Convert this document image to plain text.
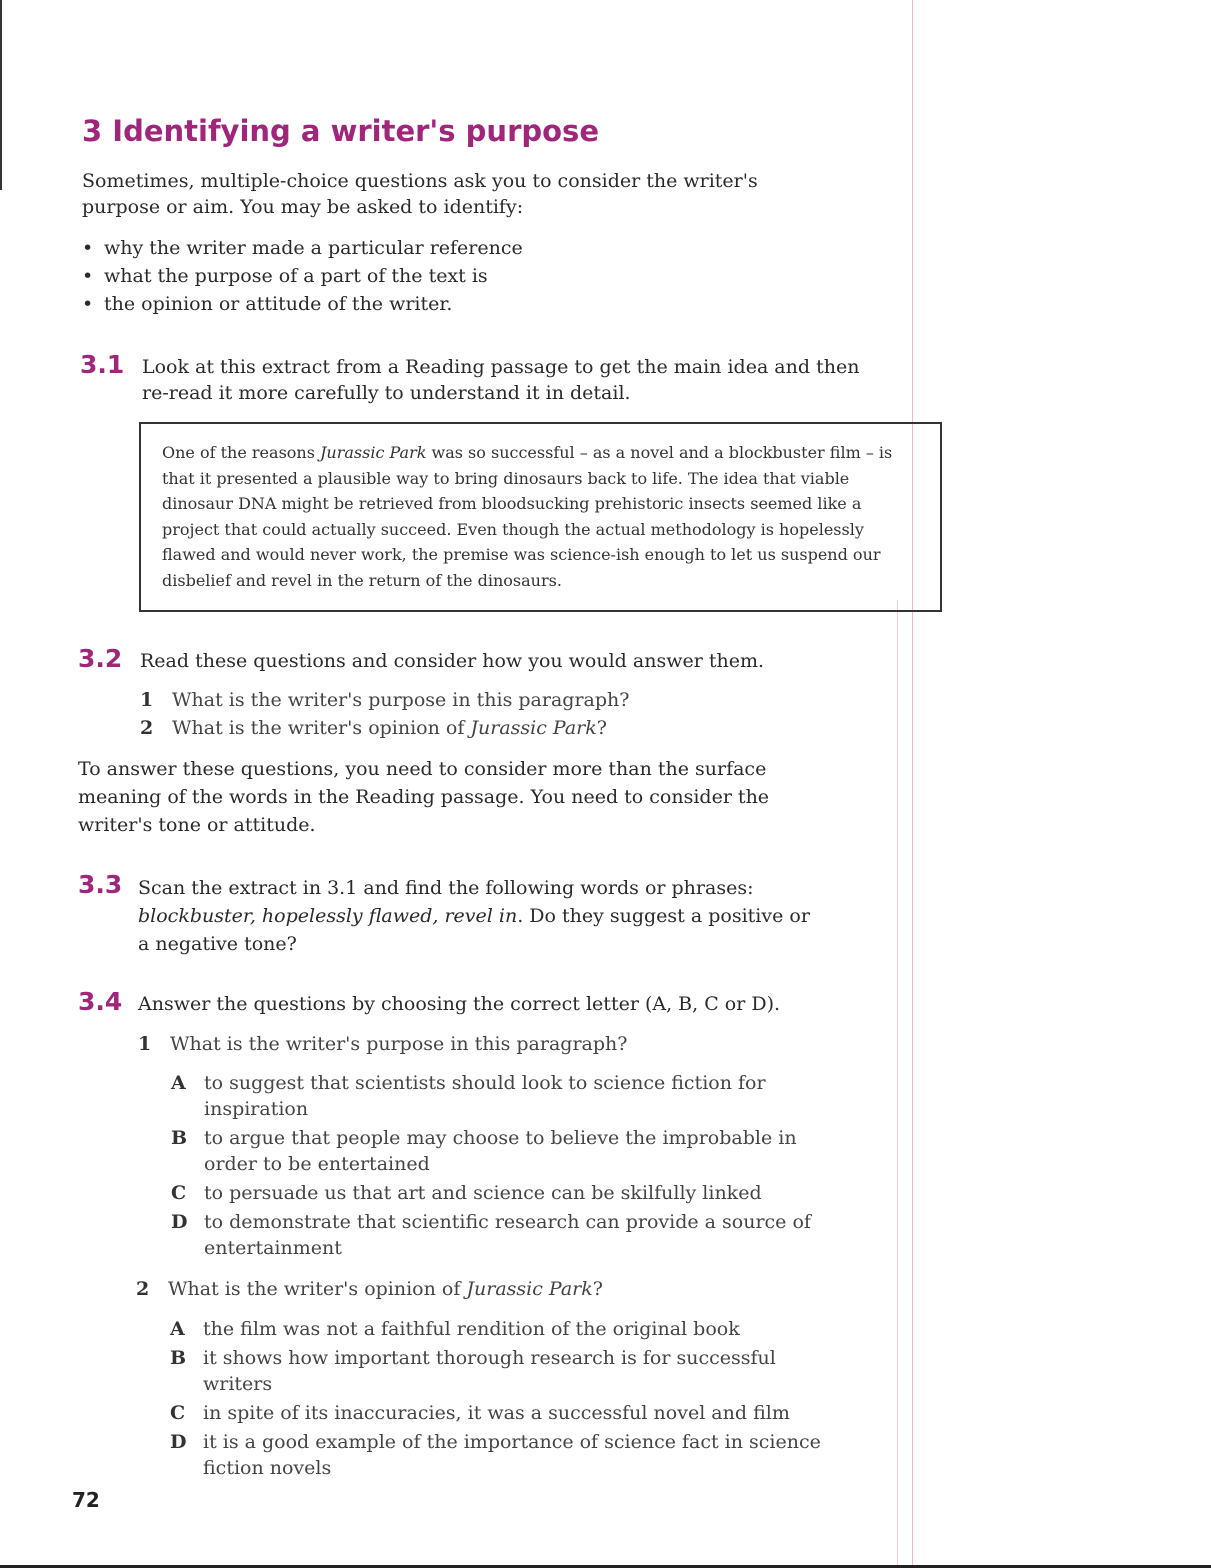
3 Identifying a writer's purpose

Sometimes, multiple-choice questions ask you to consider the writer's purpose or aim. You may be asked to identify:

• why the writer made a particular reference
• what the purpose of a part of the text is
• the opinion or attitude of the writer.

3.1 Look at this extract from a Reading passage to get the main idea and then re-read it more carefully to understand it in detail.

One of the reasons Jurassic Park was so successful – as a novel and a blockbuster film – is that it presented a plausible way to bring dinosaurs back to life. The idea that viable dinosaur DNA might be retrieved from bloodsucking prehistoric insects seemed like a project that could actually succeed. Even though the actual methodology is hopelessly flawed and would never work, the premise was science-ish enough to let us suspend our disbelief and revel in the return of the dinosaurs.

3.2 Read these questions and consider how you would answer them.

1 What is the writer's purpose in this paragraph?
2 What is the writer's opinion of Jurassic Park?

To answer these questions, you need to consider more than the surface meaning of the words in the Reading passage. You need to consider the writer's tone or attitude.

3.3 Scan the extract in 3.1 and find the following words or phrases: blockbuster, hopelessly flawed, revel in. Do they suggest a positive or a negative tone?

3.4 Answer the questions by choosing the correct letter (A, B, C or D).

1 What is the writer's purpose in this paragraph?
A to suggest that scientists should look to science fiction for inspiration
B to argue that people may choose to believe the improbable in order to be entertained
C to persuade us that art and science can be skilfully linked
D to demonstrate that scientific research can provide a source of entertainment
2 What is the writer's opinion of Jurassic Park?
A the film was not a faithful rendition of the original book
B it shows how important thorough research is for successful writers
C in spite of its inaccuracies, it was a successful novel and film
D it is a good example of the importance of science fact in science fiction novels

72
